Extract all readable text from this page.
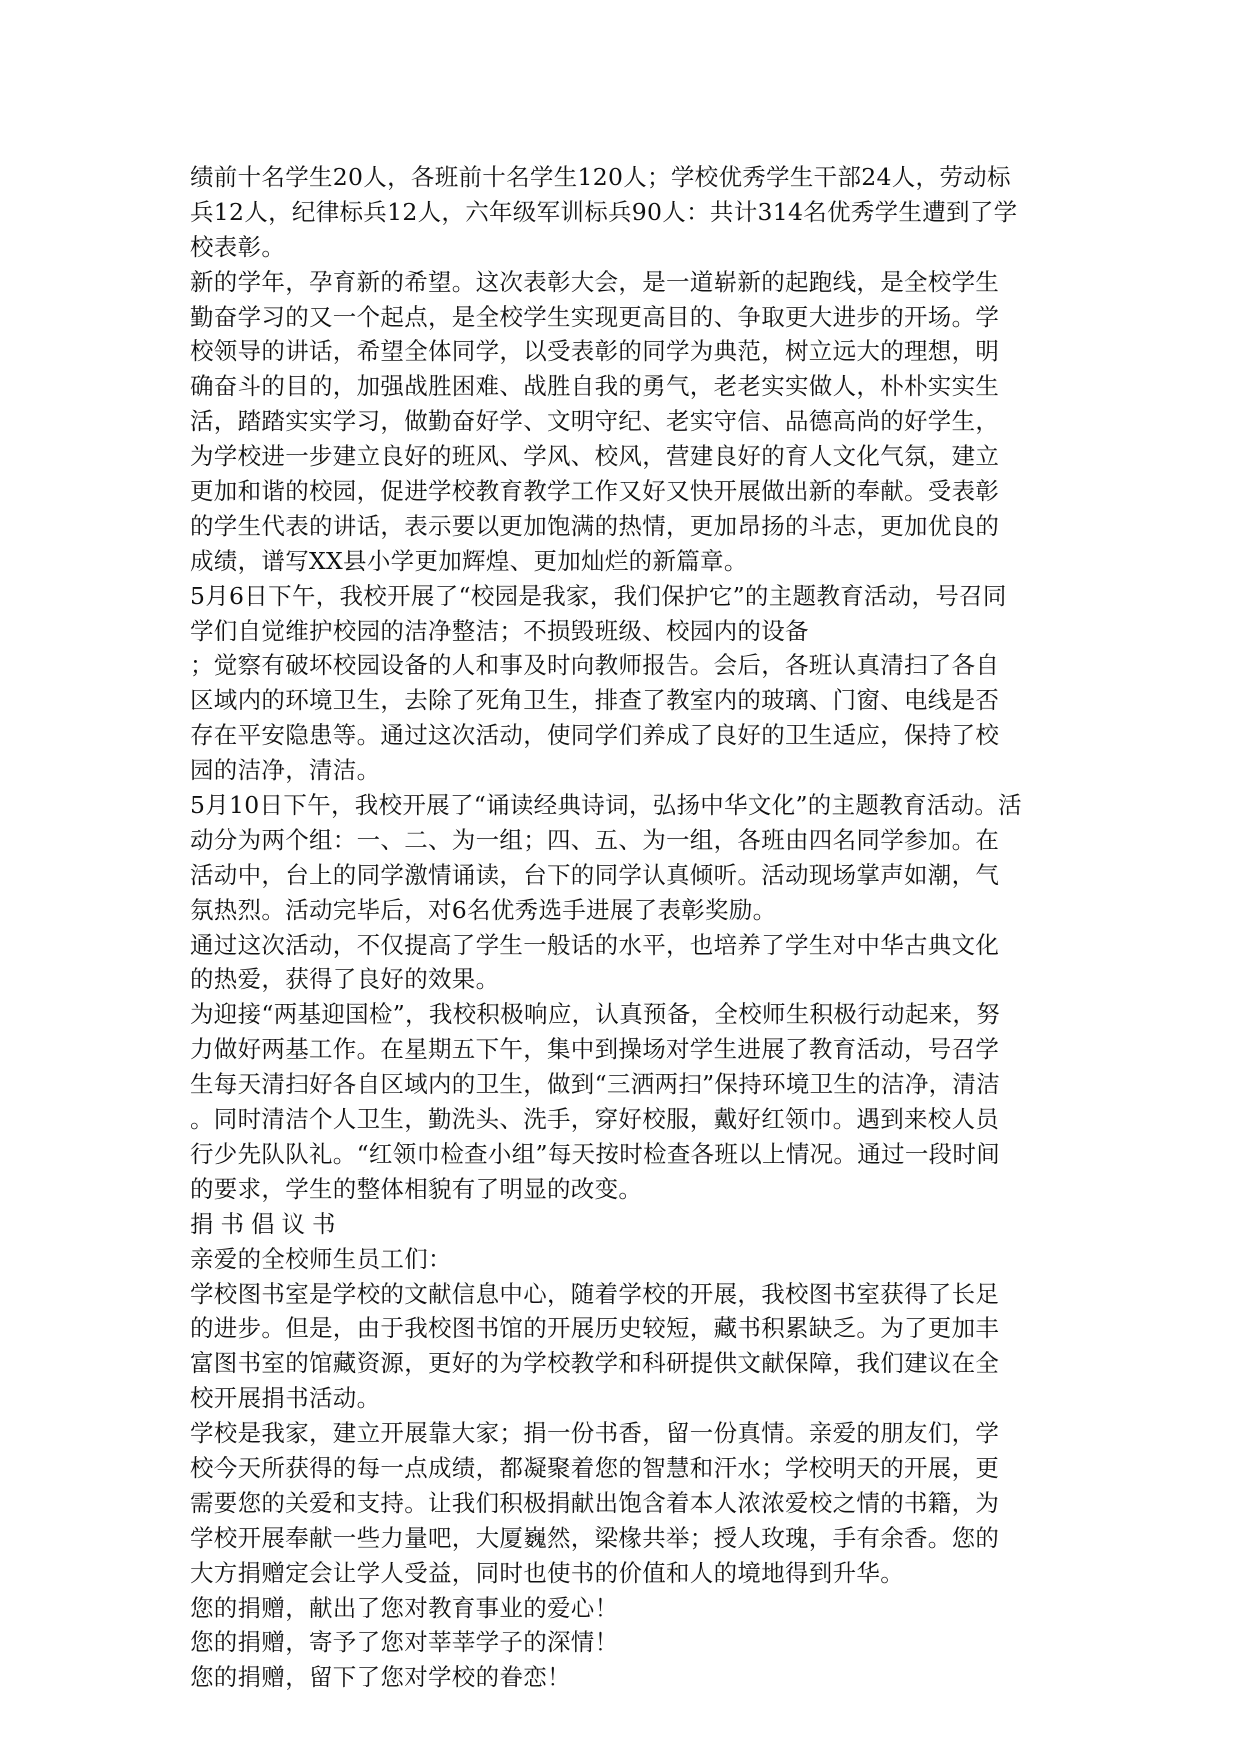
绩前十名学生20人，各班前十名学生120人；学校优秀学生干部24人，劳动标
兵12人，纪律标兵12人，六年级军训标兵90人：共计314名优秀学生遭到了学
校表彰。
新的学年，孕育新的希望。这次表彰大会，是一道崭新的起跑线，是全校学生
勤奋学习的又一个起点，是全校学生实现更高目的、争取更大进步的开场。学
校领导的讲话，希望全体同学，以受表彰的同学为典范，树立远大的理想，明
确奋斗的目的，加强战胜困难、战胜自我的勇气，老老实实做人，朴朴实实生
活，踏踏实实学习，做勤奋好学、文明守纪、老实守信、品德高尚的好学生，
为学校进一步建立良好的班风、学风、校风，营建良好的育人文化气氛，建立
更加和谐的校园，促进学校教育教学工作又好又快开展做出新的奉献。受表彰
的学生代表的讲话，表示要以更加饱满的热情，更加昂扬的斗志，更加优良的
成绩，谱写XX县小学更加辉煌、更加灿烂的新篇章。
5月6日下午，我校开展了“校园是我家，我们保护它”的主题教育活动，号召同
学们自觉维护校园的洁净整洁；不损毁班级、校园内的设备
；觉察有破坏校园设备的人和事及时向教师报告。会后，各班认真清扫了各自
区域内的环境卫生，去除了死角卫生，排查了教室内的玻璃、门窗、电线是否
存在平安隐患等。通过这次活动，使同学们养成了良好的卫生适应，保持了校
园的洁净，清洁。
5月10日下午，我校开展了“诵读经典诗词，弘扬中华文化”的主题教育活动。活
动分为两个组：一、二、为一组；四、五、为一组，各班由四名同学参加。在
活动中，台上的同学激情诵读，台下的同学认真倾听。活动现场掌声如潮，气
氛热烈。活动完毕后，对6名优秀选手进展了表彰奖励。
通过这次活动，不仅提高了学生一般话的水平，也培养了学生对中华古典文化
的热爱，获得了良好的效果。
为迎接“两基迎国检”，我校积极响应，认真预备，全校师生积极行动起来，努
力做好两基工作。在星期五下午，集中到操场对学生进展了教育活动，号召学
生每天清扫好各自区域内的卫生，做到“三洒两扫”保持环境卫生的洁净，清洁
。同时清洁个人卫生，勤洗头、洗手，穿好校服，戴好红领巾。遇到来校人员
行少先队队礼。“红领巾检查小组”每天按时检查各班以上情况。通过一段时间
的要求，学生的整体相貌有了明显的改变。
捐书倡议书
亲爱的全校师生员工们：
学校图书室是学校的文献信息中心，随着学校的开展，我校图书室获得了长足
的进步。但是，由于我校图书馆的开展历史较短，藏书积累缺乏。为了更加丰
富图书室的馆藏资源，更好的为学校教学和科研提供文献保障，我们建议在全
校开展捐书活动。
学校是我家，建立开展靠大家；捐一份书香，留一份真情。亲爱的朋友们，学
校今天所获得的每一点成绩，都凝聚着您的智慧和汗水；学校明天的开展，更
需要您的关爱和支持。让我们积极捐献出饱含着本人浓浓爱校之情的书籍，为
学校开展奉献一些力量吧，大厦巍然，梁椽共举；授人玫瑰，手有余香。您的
大方捐赠定会让学人受益，同时也使书的价值和人的境地得到升华。
您的捐赠，献出了您对教育事业的爱心！
您的捐赠，寄予了您对莘莘学子的深情！
您的捐赠，留下了您对学校的眷恋！
